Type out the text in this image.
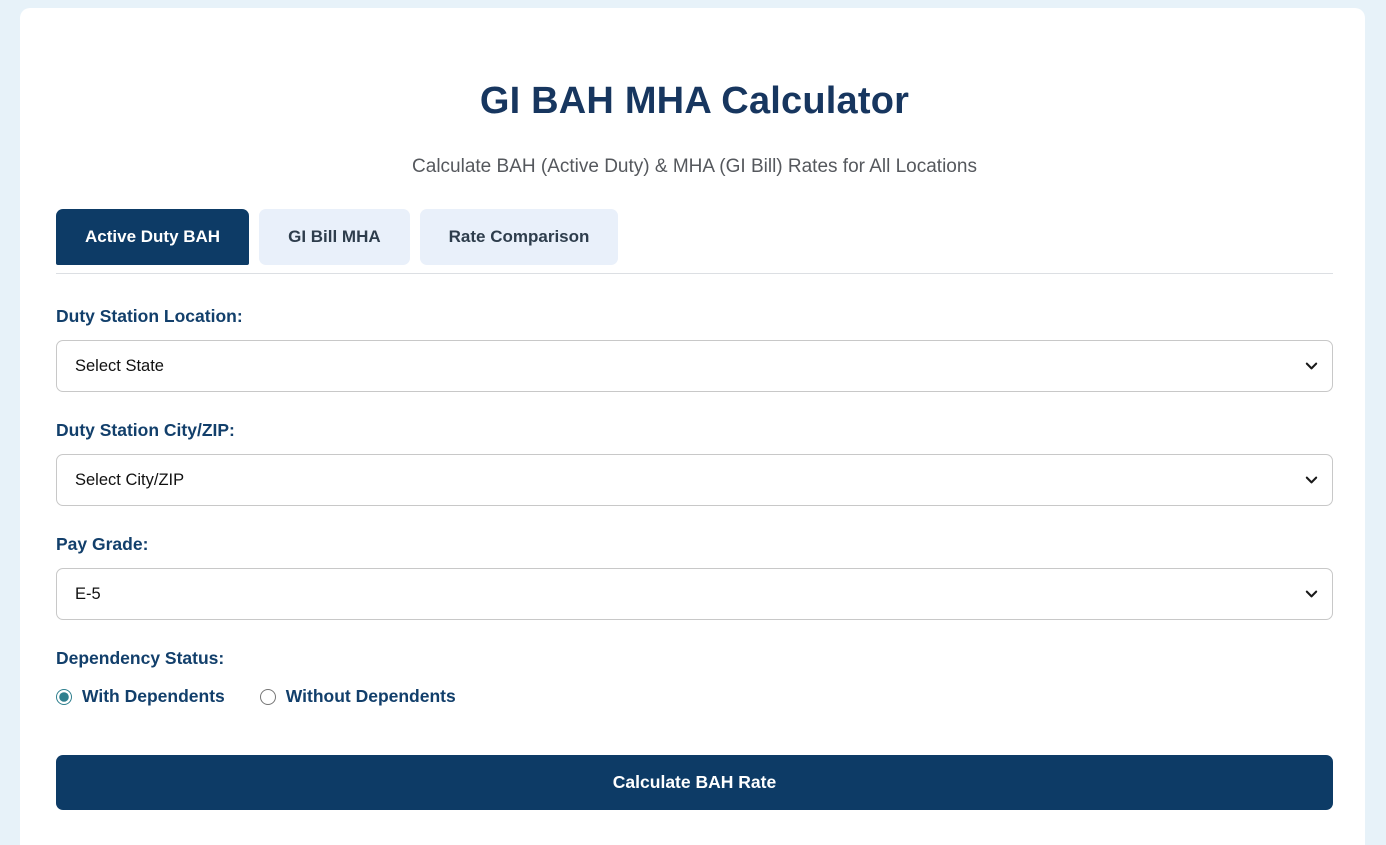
GI BAH MHA Calculator

Calculate BAH (Active Duty) & MHA (GI Bill) Rates for All Locations

Active Duty BAH	GI Bill MHA	Rate Comparison
Duty Station Location:
Select State
Duty Station City/ZIP:
Select City/ZIP
Pay Grade:
E-5
Dependency Status:
With Dependents	Without Dependents
Calculate BAH Rate
